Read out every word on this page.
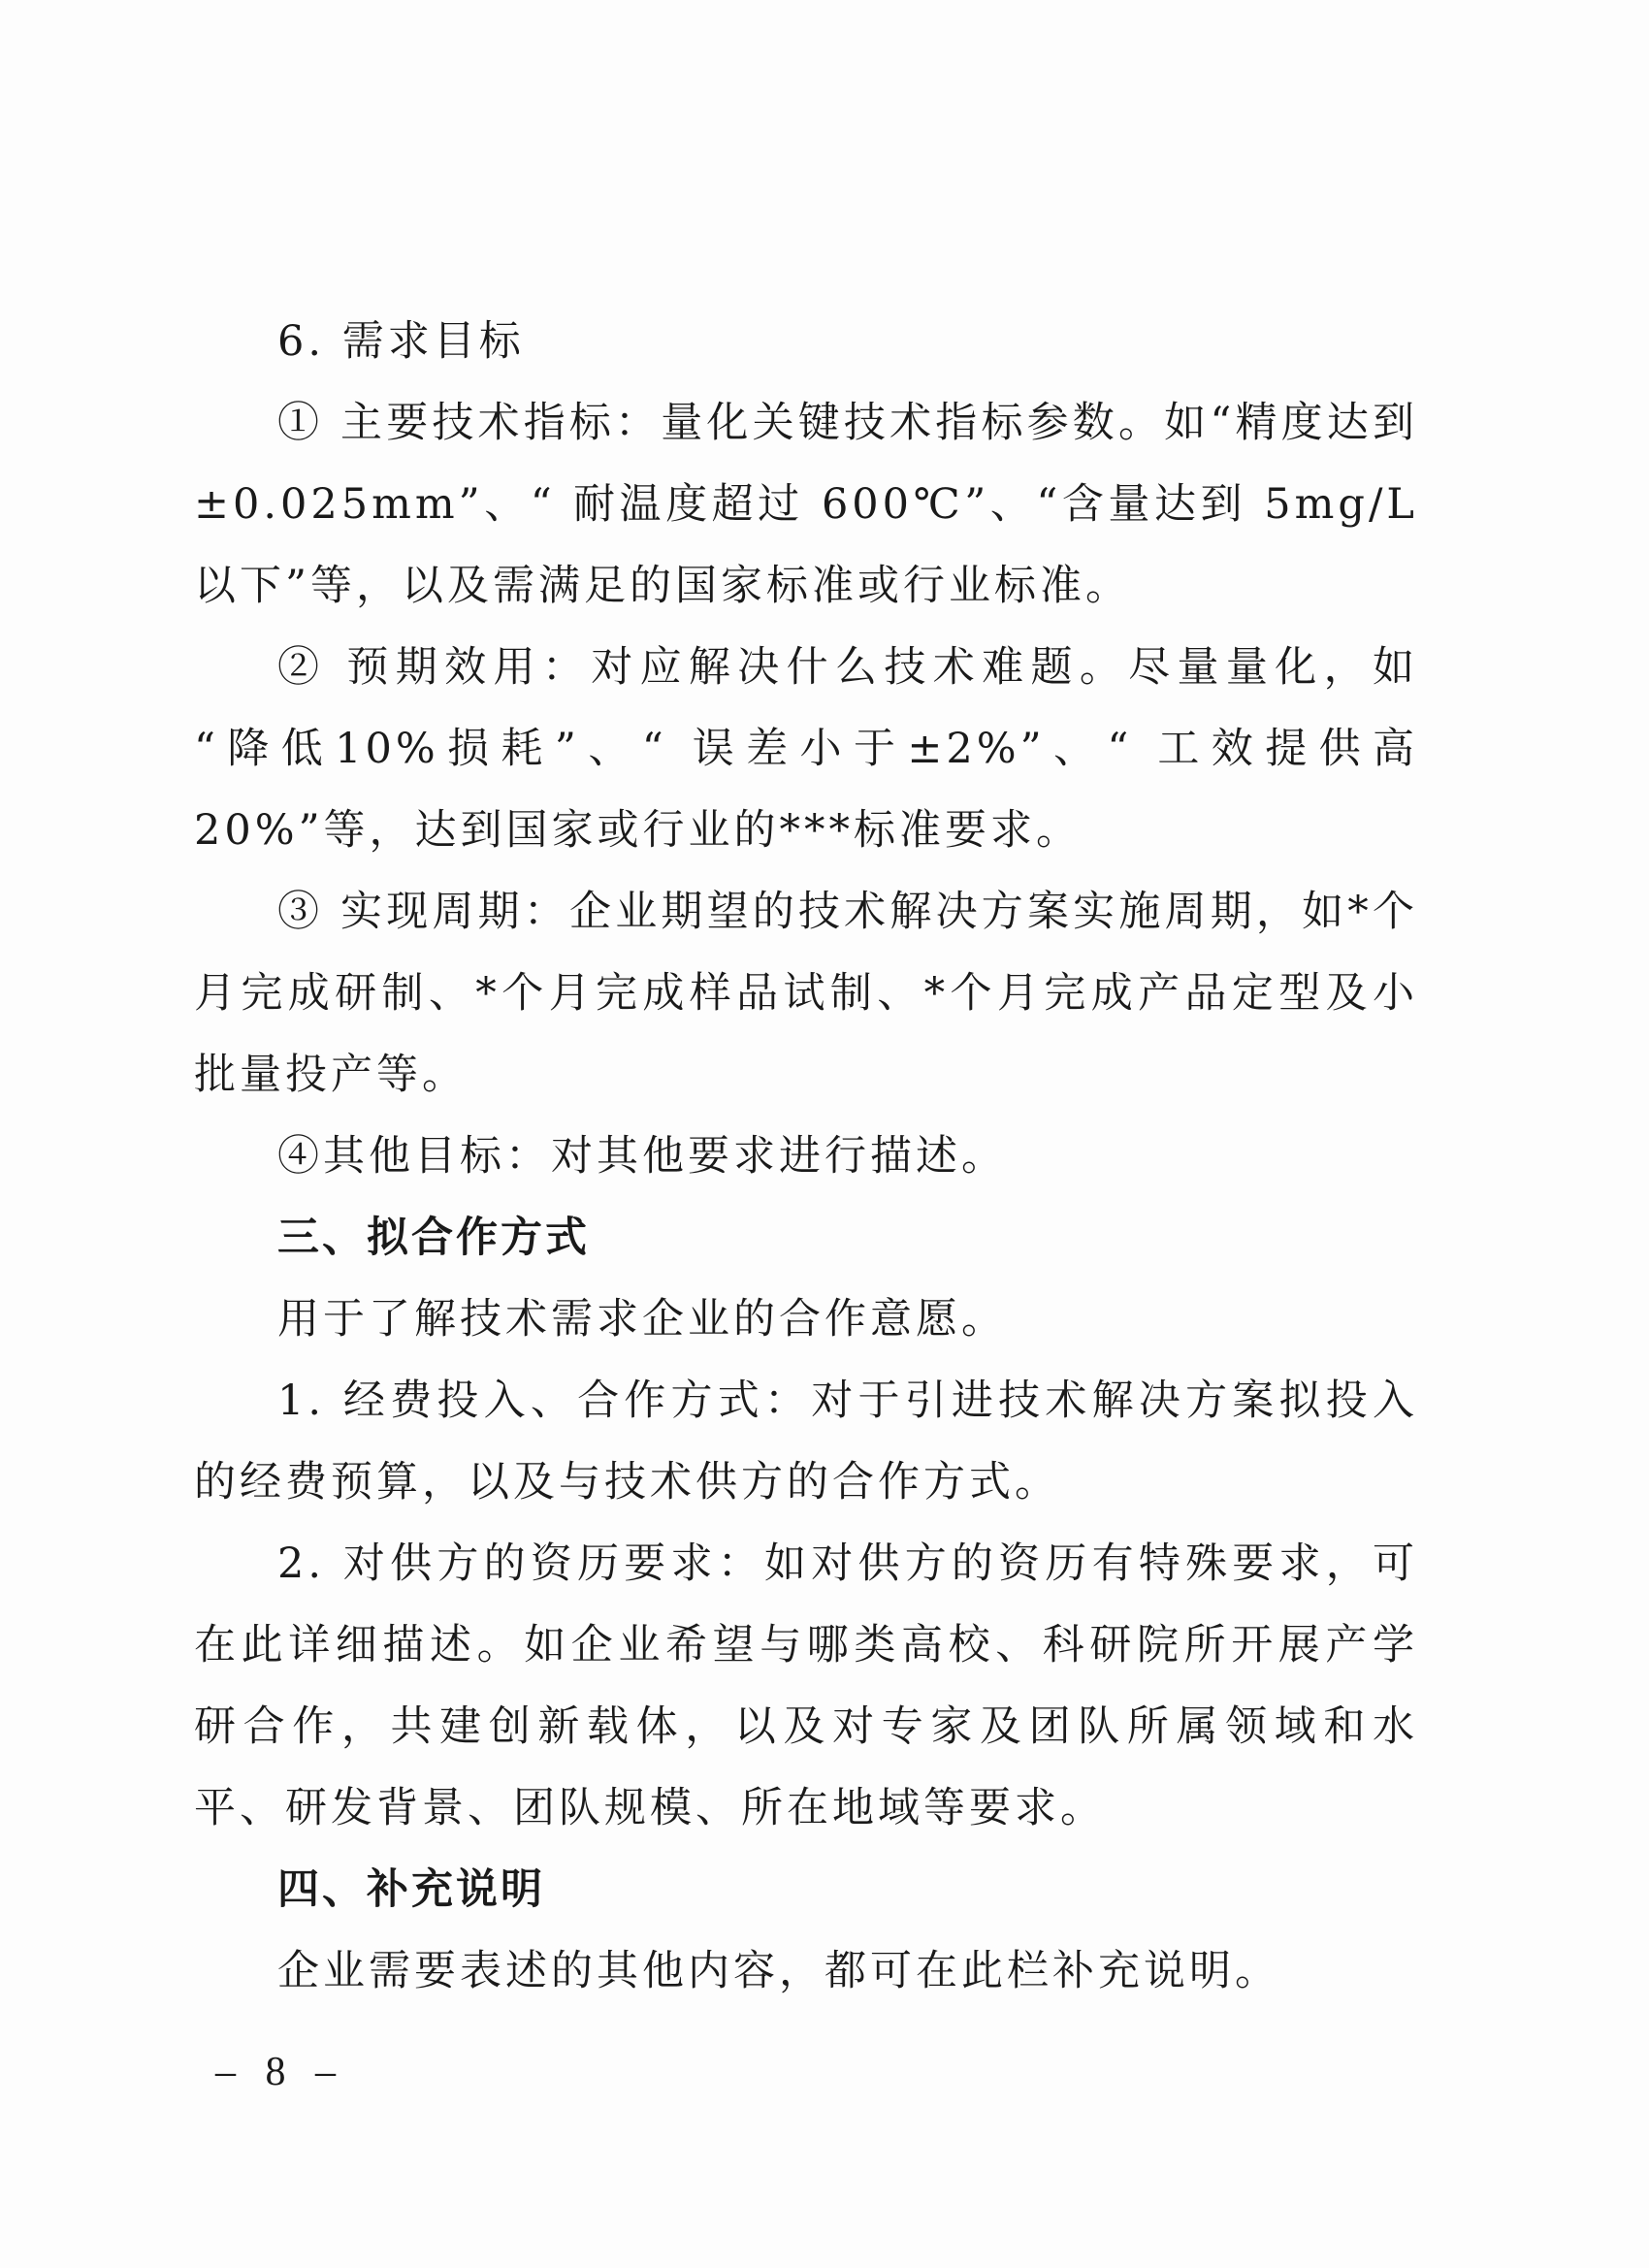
6. 需求目标

① 主要技术指标：量化关键技术指标参数。如“精度达到±0.025mm”、“ 耐温度超过 600℃”、“含量达到 5mg/L 以下”等，以及需满足的国家标准或行业标准。

② 预期效用：对应解决什么技术难题。尽量量化，如 “降低10%损耗”、“ 误差小于±2%”、“ 工效提供高 20%”等，达到国家或行业的***标准要求。

③ 实现周期：企业期望的技术解决方案实施周期，如*个月完成研制、*个月完成样品试制、*个月完成产品定型及小批量投产等。

④其他目标：对其他要求进行描述。

三、拟合作方式

用于了解技术需求企业的合作意愿。

1. 经费投入、合作方式：对于引进技术解决方案拟投入的经费预算，以及与技术供方的合作方式。

2. 对供方的资历要求：如对供方的资历有特殊要求，可在此详细描述。如企业希望与哪类高校、科研院所开展产学研合作，共建创新载体，以及对专家及团队所属领域和水平、研发背景、团队规模、所在地域等要求。

四、补充说明

企业需要表述的其他内容，都可在此栏补充说明。

– 8 –
